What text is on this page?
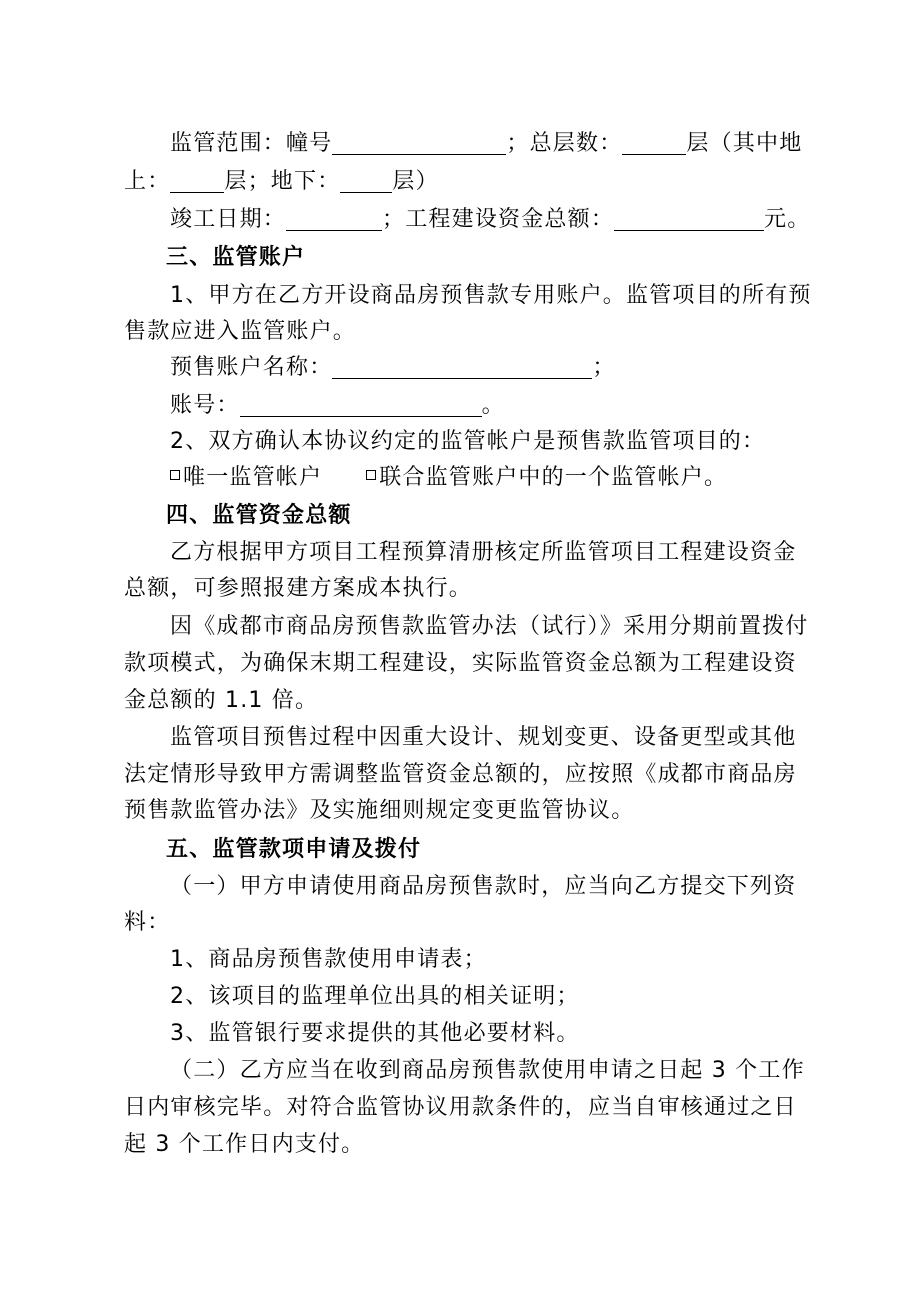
监管范围：幢号	；总层数：	层（其中地
上： 层；地下： 层）
竣工日期：	；工程建设资金总额：	元。
三、监管账户
1、甲方在乙方开设商品房预售款专用账户。监管项目的所有预
售款应进入监管账户。
预售账户名称：	；
账号：	。
2、双方确认本协议约定的监管帐户是预售款监管项目的：
唯一监管帐户	联合监管账户中的一个监管帐户。
四、监管资金总额
乙方根据甲方项目工程预算清册核定所监管项目工程建设资金
总额，可参照报建方案成本执行。
因《成都市商品房预售款监管办法（试行）》采用分期前置拨付
款项模式，为确保末期工程建设，实际监管资金总额为工程建设资
金总额的 1.1 倍。
监管项目预售过程中因重大设计、规划变更、设备更型或其他
法定情形导致甲方需调整监管资金总额的，应按照《成都市商品房
预售款监管办法》及实施细则规定变更监管协议。
五、监管款项申请及拨付
（一）甲方申请使用商品房预售款时，应当向乙方提交下列资
料：
1、商品房预售款使用申请表；
2、该项目的监理单位出具的相关证明；
3、监管银行要求提供的其他必要材料。
（二）乙方应当在收到商品房预售款使用申请之日起 3 个工作
日内审核完毕。对符合监管协议用款条件的，应当自审核通过之日
起 3 个工作日内支付。
